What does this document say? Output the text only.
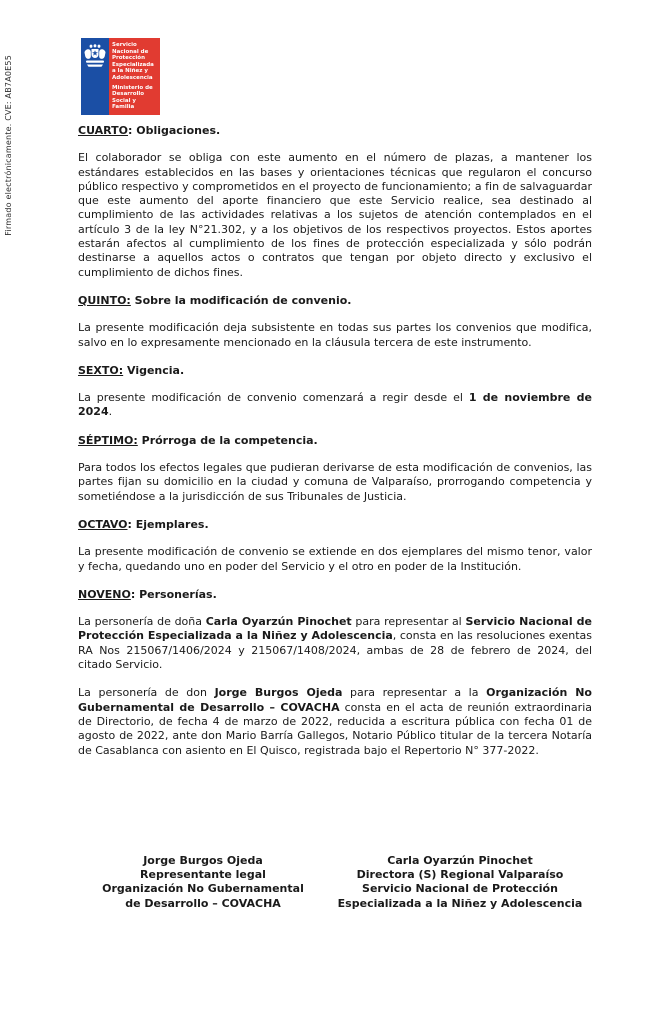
Firmado electrónicamente. CVE: AB7A0E55
Servicio Nacional de Protección Especializada a la Niñez y Adolescencia
Ministerio de Desarrollo Social y Familia

CUARTO: Obligaciones.

El colaborador se obliga con este aumento en el número de plazas, a mantener los estándares establecidos en las bases y orientaciones técnicas que regularon el concurso público respectivo y comprometidos en el proyecto de funcionamiento; a fin de salvaguardar que este aumento del aporte financiero que este Servicio realice, sea destinado al cumplimiento de las actividades relativas a los sujetos de atención contemplados en el artículo 3 de la ley N°21.302, y a los objetivos de los respectivos proyectos. Estos aportes estarán afectos al cumplimiento de los fines de protección especializada y sólo podrán destinarse a aquellos actos o contratos que tengan por objeto directo y exclusivo el cumplimiento de dichos fines.

QUINTO: Sobre la modificación de convenio.

La presente modificación deja subsistente en todas sus partes los convenios que modifica, salvo en lo expresamente mencionado en la cláusula tercera de este instrumento.

SEXTO: Vigencia.

La presente modificación de convenio comenzará a regir desde el 1 de noviembre de 2024.

SÉPTIMO: Prórroga de la competencia.

Para todos los efectos legales que pudieran derivarse de esta modificación de convenios, las partes fijan su domicilio en la ciudad y comuna de Valparaíso, prorrogando competencia y sometiéndose a la jurisdicción de sus Tribunales de Justicia.

OCTAVO: Ejemplares.

La presente modificación de convenio se extiende en dos ejemplares del mismo tenor, valor y fecha, quedando uno en poder del Servicio y el otro en poder de la Institución.

NOVENO: Personerías.

La personería de doña Carla Oyarzún Pinochet para representar al Servicio Nacional de Protección Especializada a la Niñez y Adolescencia, consta en las resoluciones exentas RA Nos 215067/1406/2024 y 215067/1408/2024, ambas de 28 de febrero de 2024, del citado Servicio.

La personería de don Jorge Burgos Ojeda para representar a la Organización No Gubernamental de Desarrollo – COVACHA consta en el acta de reunión extraordinaria de Directorio, de fecha 4 de marzo de 2022, reducida a escritura pública con fecha 01 de agosto de 2022, ante don Mario Barría Gallegos, Notario Público titular de la tercera Notaría de Casablanca con asiento en El Quisco, registrada bajo el Repertorio N° 377-2022.

Jorge Burgos Ojeda
Representante legal
Organización No Gubernamental
de Desarrollo – COVACHA
Carla Oyarzún Pinochet
Directora (S) Regional Valparaíso
Servicio Nacional de Protección
Especializada a la Niñez y Adolescencia
